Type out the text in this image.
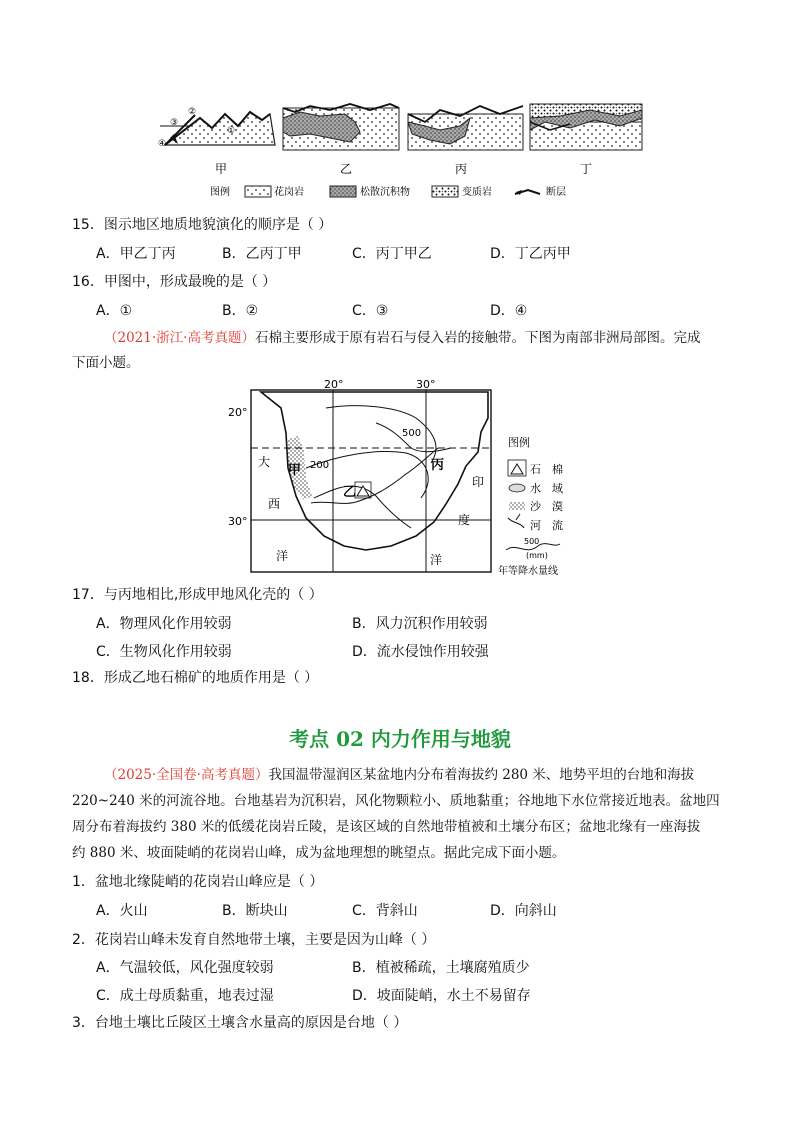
③
②
④
①
甲	乙	丙	丁
图例	花岗岩	松散沉积物	变质岩	断层
15．图示地区地质地貌演化的顺序是（ ）
A．甲乙丁丙	B．乙丙丁甲	C．丙丁甲乙	D．丁乙丙甲
16．甲图中，形成最晚的是（ ）
A．①	B．②	C．③	D．④
（2021·浙江·高考真题）石棉主要形成于原有岩石与侵入岩的接触带。下图为南部非洲局部图。完成
下面小题。
20°	30°
20°
30°
甲
乙
丙
大
西
洋
印
度
洋
500
200
图例
石　棉
水　域
沙　漠
河　流
500
(mm)
年等降水量线
17．与丙地相比,形成甲地风化壳的（ ）
A．物理风化作用较弱	B．风力沉积作用较弱
C．生物风化作用较弱	D．流水侵蚀作用较强
18．形成乙地石棉矿的地质作用是（ ）
考点 02 内力作用与地貌
（2025·全国卷·高考真题）我国温带湿润区某盆地内分布着海拔约 280 米、地势平坦的台地和海拔
220~240 米的河流谷地。台地基岩为沉积岩，风化物颗粒小、质地黏重；谷地地下水位常接近地表。盆地四
周分布着海拔约 380 米的低缓花岗岩丘陵，是该区域的自然地带植被和土壤分布区；盆地北缘有一座海拔
约 880 米、坡面陡峭的花岗岩山峰，成为盆地理想的眺望点。据此完成下面小题。
1．盆地北缘陡峭的花岗岩山峰应是（ ）
A．火山	B．断块山	C．背斜山	D．向斜山
2．花岗岩山峰未发育自然地带土壤，主要是因为山峰（ ）
A．气温较低，风化强度较弱	B．植被稀疏，土壤腐殖质少
C．成土母质黏重，地表过湿	D．坡面陡峭，水土不易留存
3．台地土壤比丘陵区土壤含水量高的原因是台地（ ）
